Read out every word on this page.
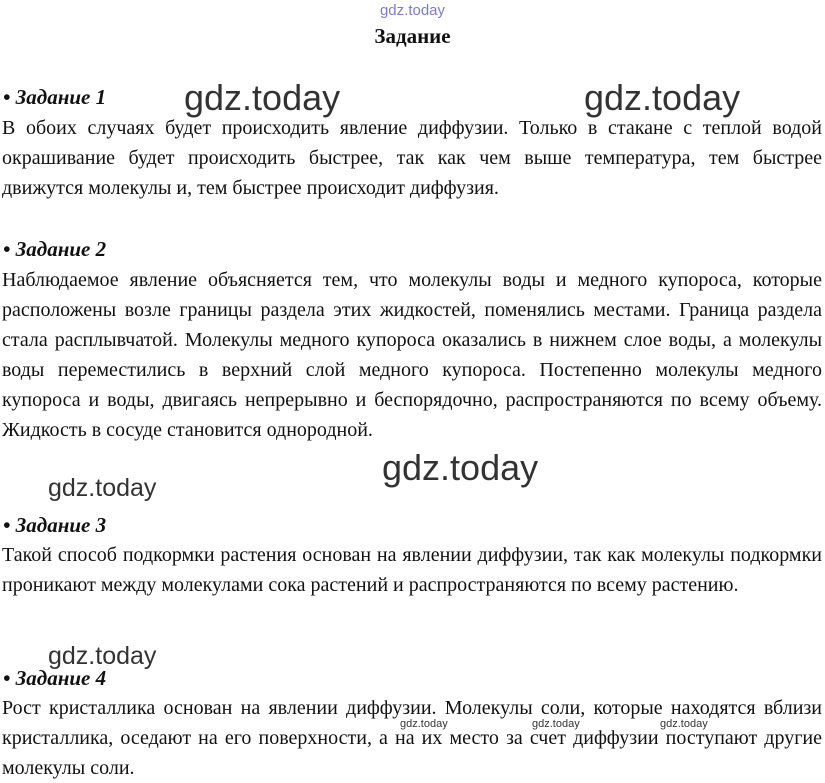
gdz.today

Задание
• Задание 1

В обоих случаях будет происходить явление диффузии. Только в стакане с теплой водой окрашивание будет происходить быстрее, так как чем выше температура, тем быстрее движутся молекулы и, тем быстрее происходит диффузия.

• Задание 2

Наблюдаемое явление объясняется тем, что молекулы воды и медного купороса, которые расположены возле границы раздела этих жидкостей, поменялись местами. Граница раздела стала расплывчатой. Молекулы медного купороса оказались в нижнем слое воды, а молекулы воды переместились в верхний слой медного купороса. Постепенно молекулы медного купороса и воды, двигаясь непрерывно и беспорядочно, распространяются по всему объему. Жидкость в сосуде становится однородной.

• Задание 3

Такой способ подкормки растения основан на явлении диффузии, так как молекулы подкормки проникают между молекулами сока растений и распространяются по всему растению.

• Задание 4

Рост кристаллика основан на явлении диффузии. Молекулы соли, которые находятся вблизи кристаллика, оседают на его поверхности, а на их место за счет диффузии поступают другие молекулы соли.

gdz.today	gdz.today

gdz.today

gdz.today

gdz.today

gdz.today	gdz.today	gdz.today
